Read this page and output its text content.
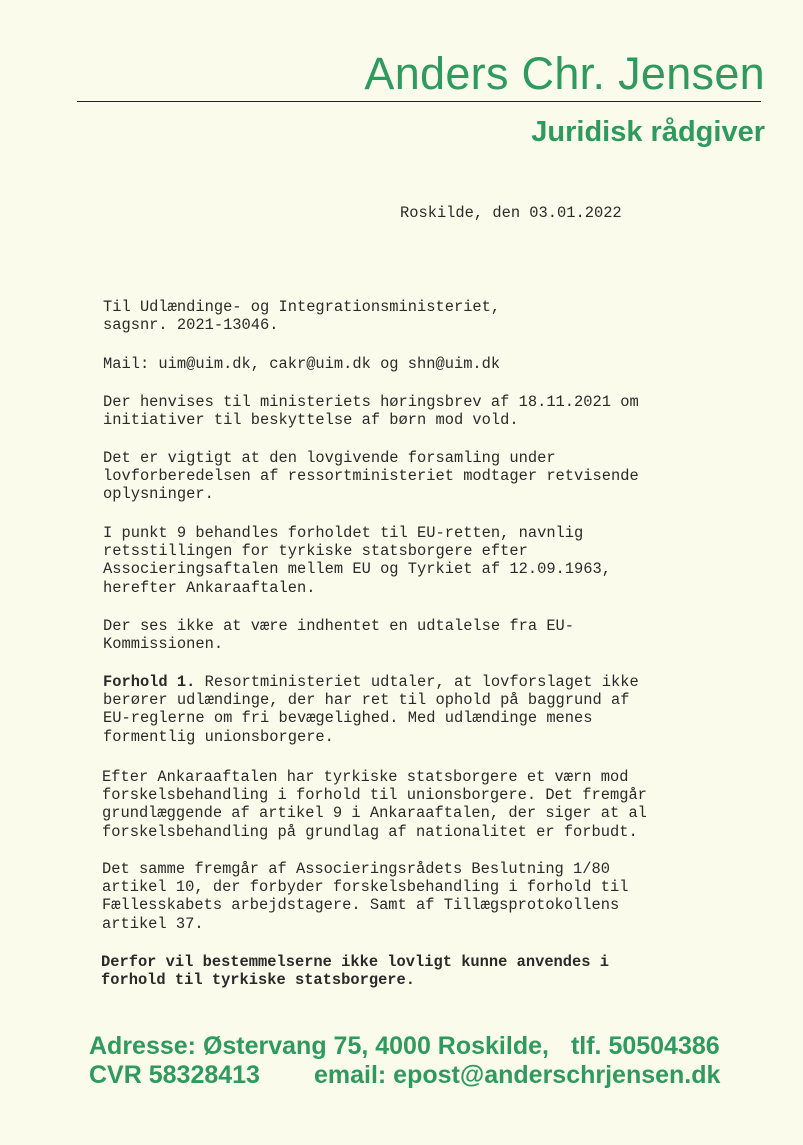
Anders Chr. Jensen
Juridisk rådgiver
Roskilde, den 03.01.2022
Til Udlændinge- og Integrationsministeriet,
sagsnr. 2021-13046.
Mail: uim@uim.dk, cakr@uim.dk og shn@uim.dk
Der henvises til ministeriets høringsbrev af 18.11.2021 om
initiativer til beskyttelse af børn mod vold.
Det er vigtigt at den lovgivende forsamling under
lovforberedelsen af ressortministeriet modtager retvisende
oplysninger.
I punkt 9 behandles forholdet til EU-retten, navnlig
retsstillingen for tyrkiske statsborgere efter
Associeringsaftalen mellem EU og Tyrkiet af 12.09.1963,
herefter Ankaraaftalen.
Der ses ikke at være indhentet en udtalelse fra EU-
Kommissionen.
Forhold 1. Resortministeriet udtaler, at lovforslaget ikke
berører udlændinge, der har ret til ophold på baggrund af
EU-reglerne om fri bevægelighed. Med udlændinge menes
formentlig unionsborgere.
Efter Ankaraaftalen har tyrkiske statsborgere et værn mod
forskelsbehandling i forhold til unionsborgere. Det fremgår
grundlæggende af artikel 9 i Ankaraaftalen, der siger at al
forskelsbehandling på grundlag af nationalitet er forbudt.
Det samme fremgår af Associeringsrådets Beslutning 1/80
artikel 10, der forbyder forskelsbehandling i forhold til
Fællesskabets arbejdstagere. Samt af Tillægsprotokollens
artikel 37.
Derfor vil bestemmelserne ikke lovligt kunne anvendes i
forhold til tyrkiske statsborgere.
Adresse: Østervang 75, 4000 Roskilde, tlf. 50504386
CVR 58328413 email: epost@anderschrjensen.dk
